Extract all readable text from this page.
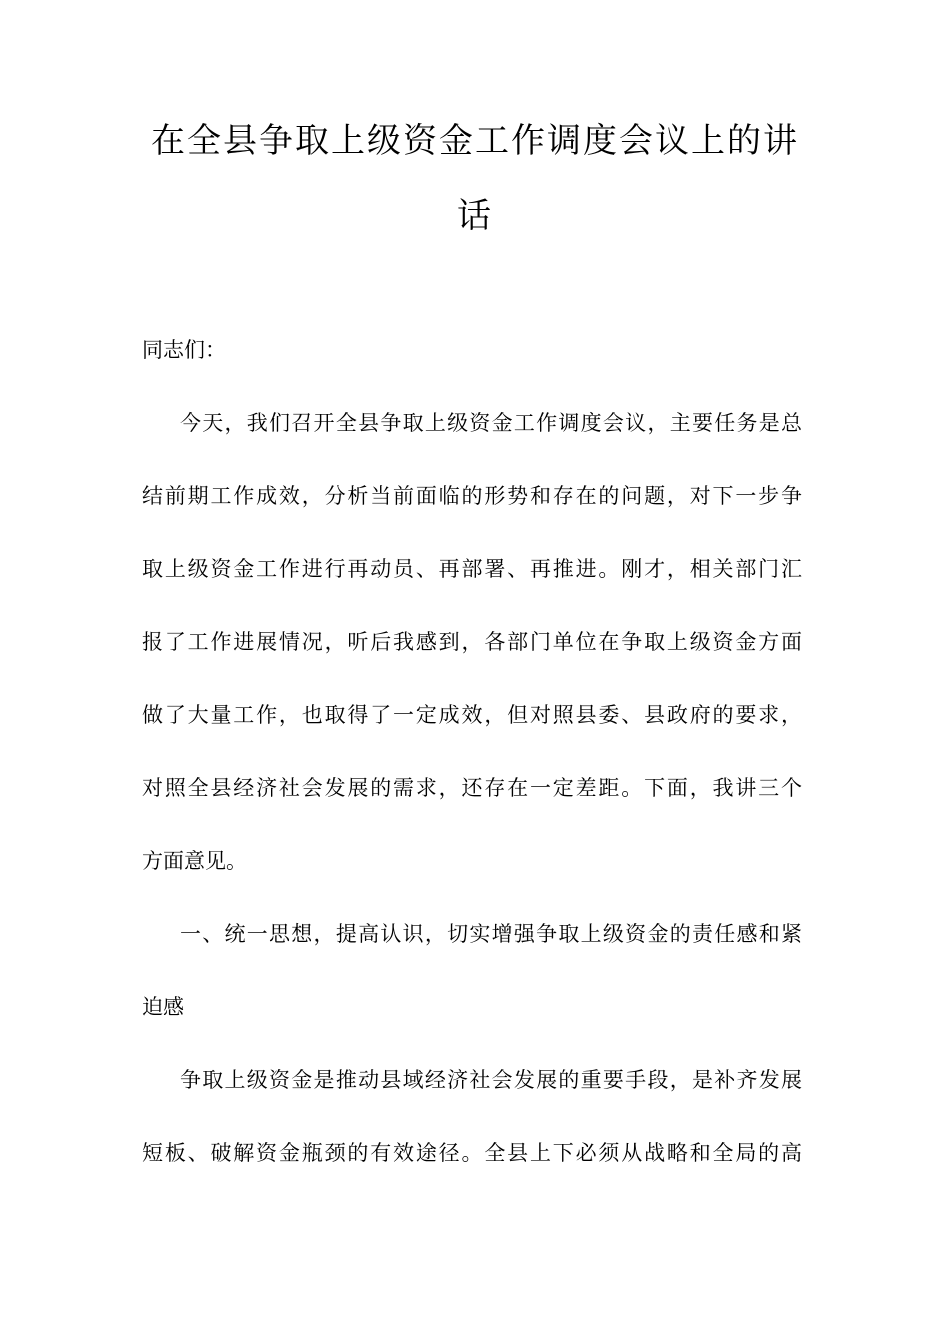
在全县争取上级资金工作调度会议上的讲
话
同志们：
今天，我们召开全县争取上级资金工作调度会议，主要任务是总
结前期工作成效，分析当前面临的形势和存在的问题，对下一步争
取上级资金工作进行再动员、再部署、再推进。刚才，相关部门汇
报了工作进展情况，听后我感到，各部门单位在争取上级资金方面
做了大量工作，也取得了一定成效，但对照县委、县政府的要求，
对照全县经济社会发展的需求，还存在一定差距。下面，我讲三个
方面意见。
一、统一思想，提高认识，切实增强争取上级资金的责任感和紧
迫感
争取上级资金是推动县域经济社会发展的重要手段，是补齐发展
短板、破解资金瓶颈的有效途径。全县上下必须从战略和全局的高
